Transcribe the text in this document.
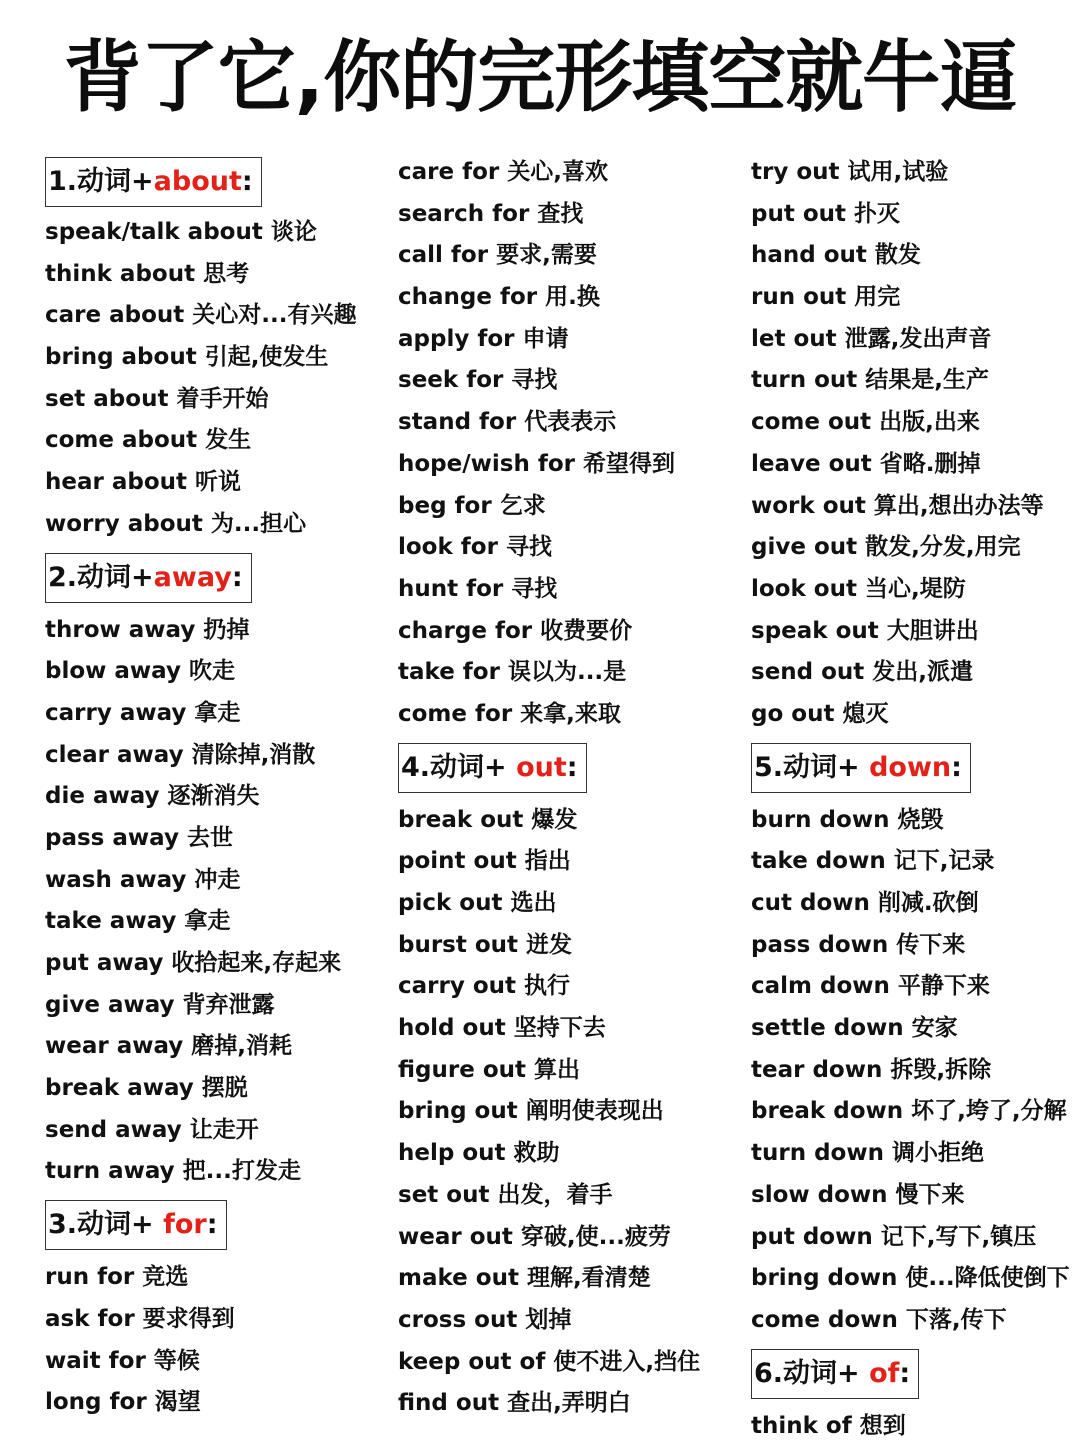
背了它,你的完形填空就牛逼
1.动词+about:
speak/talk about 谈论
think about 思考
care about 关心对...有兴趣
bring about 引起,使发生
set about 着手开始
come about 发生
hear about 听说
worry about 为...担心
2.动词+away:
throw away 扔掉
blow away 吹走
carry away 拿走
clear away 清除掉,消散
die away 逐渐消失
pass away 去世
wash away 冲走
take away 拿走
put away 收拾起来,存起来
give away 背弃泄露
wear away 磨掉,消耗
break away 摆脱
send away 让走开
turn away 把...打发走
3.动词+ for:
run for 竞选
ask for 要求得到
wait for 等候
long for 渴望
care for 关心,喜欢
search for 查找
call for 要求,需要
change for 用.换
apply for 申请
seek for 寻找
stand for 代表表示
hope/wish for 希望得到
beg for 乞求
look for 寻找
hunt for 寻找
charge for 收费要价
take for 误以为...是
come for 来拿,来取
4.动词+ out:
break out 爆发
point out 指出
pick out 选出
burst out 迸发
carry out 执行
hold out 坚持下去
figure out 算出
bring out 阐明使表现出
help out 救助
set out 出发，着手
wear out 穿破,使...疲劳
make out 理解,看清楚
cross out 划掉
keep out of 使不进入,挡住
find out 查出,弄明白
try out 试用,试验
put out 扑灭
hand out 散发
run out 用完
let out 泄露,发出声音
turn out 结果是,生产
come out 出版,出来
leave out 省略.删掉
work out 算出,想出办法等
give out 散发,分发,用完
look out 当心,堤防
speak out 大胆讲出
send out 发出,派遣
go out 熄灭
5.动词+ down:
burn down 烧毁
take down 记下,记录
cut down 削减.砍倒
pass down 传下来
calm down 平静下来
settle down 安家
tear down 拆毁,拆除
break down 坏了,垮了,分解
turn down 调小拒绝
slow down 慢下来
put down 记下,写下,镇压
bring down 使...降低使倒下
come down 下落,传下
6.动词+ of:
think of 想到
